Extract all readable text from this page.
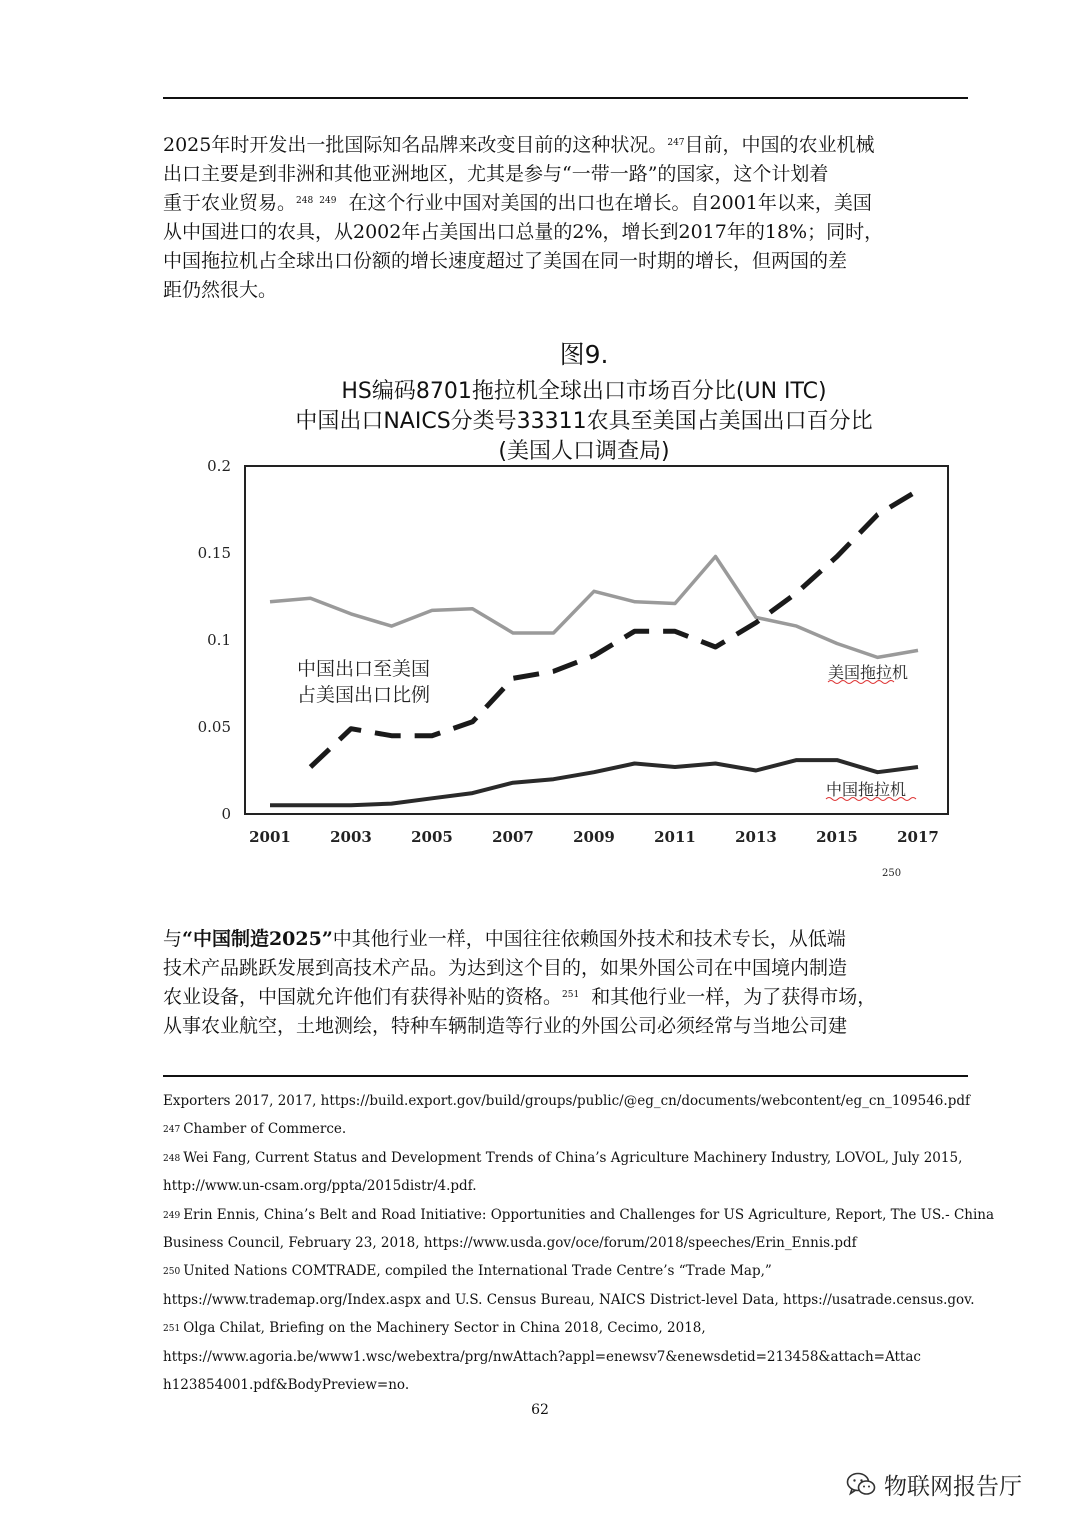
2025年时开发出一批国际知名品牌来改变目前的这种状况。$^{247}$目前，中国的农业机械
出口主要是到非洲和其他亚洲地区，尤其是参与“一带一路”的国家，这个计划着
重于农业贸易。$^{248}$ $^{249}$ 在这个行业中国对美国的出口也在增长。自2001年以来，美国
从中国进口的农具，从2002年占美国出口总量的2%，增长到2017年的18%；同时，
中国拖拉机占全球出口份额的增长速度超过了美国在同一时期的增长，但两国的差
距仍然很大。

图9.
HS编码8701拖拉机全球出口市场百分比(UN ITC)
中国出口NAICS分类号33311农具至美国占美国出口百分比
(美国人口调查局)
0
0.05
0.1
0.15
0.2
2001	2003	2005	2007	2009	2011	2013	2015	2017
中国出口至美国
占美国出口比例
美国拖拉机
中国拖拉机
250

与“中国制造2025”中其他行业一样，中国往往依赖国外技术和技术专长，从低端
技术产品跳跃发展到高技术产品。为达到这个目的，如果外国公司在中国境内制造
农业设备，中国就允许他们有获得补贴的资格。$^{251}$ 和其他行业一样，为了获得市场，
从事农业航空，土地测绘，特种车辆制造等行业的外国公司必须经常与当地公司建

Exporters 2017, 2017, https://build.export.gov/build/groups/public/@eg_cn/documents/webcontent/eg_cn_109546.pdf
$^{247}$ Chamber of Commerce.
$^{248}$ Wei Fang, Current Status and Development Trends of China’s Agriculture Machinery Industry, LOVOL, July 2015,
http://www.un-csam.org/ppta/2015distr/4.pdf.
$^{249}$ Erin Ennis, China’s Belt and Road Initiative: Opportunities and Challenges for US Agriculture, Report, The US.- China
Business Council, February 23, 2018, https://www.usda.gov/oce/forum/2018/speeches/Erin_Ennis.pdf
$^{250}$ United Nations COMTRADE, compiled the International Trade Centre’s “Trade Map,”
https://www.trademap.org/Index.aspx and U.S. Census Bureau, NAICS District-level Data, https://usatrade.census.gov.
$^{251}$ Olga Chilat, Briefing on the Machinery Sector in China 2018, Cecimo, 2018,
https://www.agoria.be/www1.wsc/webextra/prg/nwAttach?appl=enewsv7&enewsdetid=213458&attach=Attac
h123854001.pdf&BodyPreview=no.
62
物联网报告厅
